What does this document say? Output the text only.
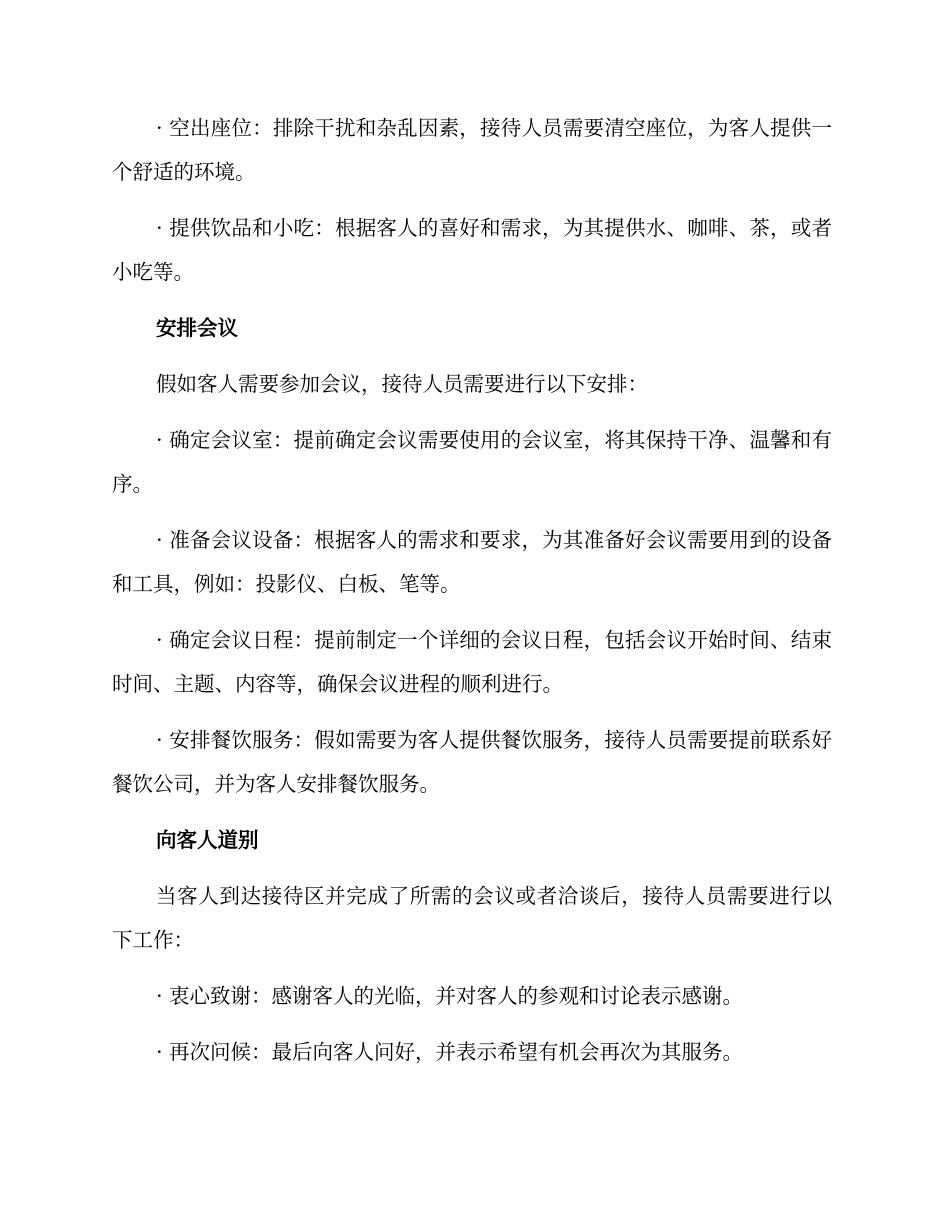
· 空出座位：排除干扰和杂乱因素，接待人员需要清空座位，为客人提供一个舒适的环境。

· 提供饮品和小吃：根据客人的喜好和需求，为其提供水、咖啡、茶，或者小吃等。

安排会议

假如客人需要参加会议，接待人员需要进行以下安排：

· 确定会议室：提前确定会议需要使用的会议室，将其保持干净、温馨和有序。

· 准备会议设备：根据客人的需求和要求，为其准备好会议需要用到的设备和工具，例如：投影仪、白板、笔等。

· 确定会议日程：提前制定一个详细的会议日程，包括会议开始时间、结束时间、主题、内容等，确保会议进程的顺利进行。

· 安排餐饮服务：假如需要为客人提供餐饮服务，接待人员需要提前联系好餐饮公司，并为客人安排餐饮服务。

向客人道别

当客人到达接待区并完成了所需的会议或者洽谈后，接待人员需要进行以下工作：

· 衷心致谢：感谢客人的光临，并对客人的参观和讨论表示感谢。

· 再次问候：最后向客人问好，并表示希望有机会再次为其服务。
